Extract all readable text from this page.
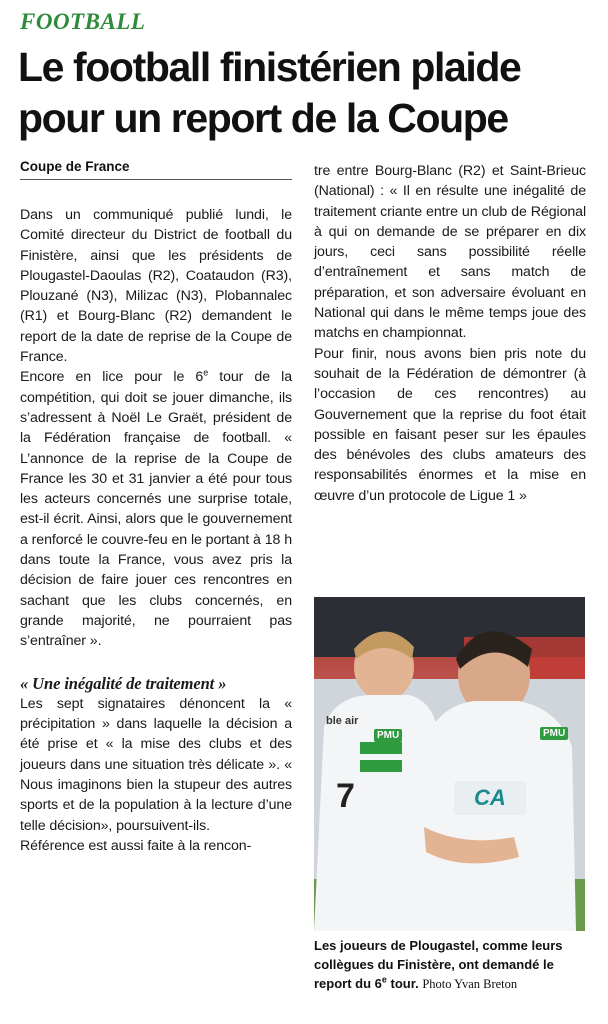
FOOTBALL
Le football finistérien plaide pour un report de la Coupe
Coupe de France

Dans un communiqué publié lundi, le Comité directeur du District de football du Finistère, ainsi que les présidents de Plougastel-Daoulas (R2), Coataudon (R3), Plouzané (N3), Milizac (N3), Plobannalec (R1) et Bourg-Blanc (R2) demandent le report de la date de reprise de la Coupe de France.

Encore en lice pour le 6e tour de la compétition, qui doit se jouer dimanche, ils s’adressent à Noël Le Graët, président de la Fédération française de football. « L’annonce de la reprise de la Coupe de France les 30 et 31 janvier a été pour tous les acteurs concernés une surprise totale, est-il écrit. Ainsi, alors que le gouvernement a renforcé le couvre-feu en le portant à 18 h dans toute la France, vous avez pris la décision de faire jouer ces rencontres en sachant que les clubs concernés, en grande majorité, ne pourraient pas s’entraîner ».

« Une inégalité de traitement »

Les sept signataires dénoncent la « précipitation » dans laquelle la décision a été prise et « la mise des clubs et des joueurs dans une situation très délicate ». « Nous imaginons bien la stupeur des autres sports et de la population à la lecture d’une telle décision», poursuivent-ils.

Référence est aussi faite à la rencon-

tre entre Bourg-Blanc (R2) et Saint-Brieuc (National) : « Il en résulte une inégalité de traitement criante entre un club de Régional à qui on demande de se préparer en dix jours, ceci sans possibilité réelle d’entraînement et sans match de préparation, et son adversaire évoluant en National qui dans le même temps joue des matchs en championnat.

Pour finir, nous avons bien pris note du souhait de la Fédération de démontrer (à l’occasion de ces rencontres) au Gouvernement que la reprise du foot était possible en faisant peser sur les épaules des bénévoles des clubs amateurs des responsabilités énormes et la mise en œuvre d’un protocole de Ligue 1 »

PMU	PMU
CA
7
ble air
Les joueurs de Plougastel, comme leurs collègues du Finistère, ont demandé le report du 6e tour. Photo Yvan Breton
